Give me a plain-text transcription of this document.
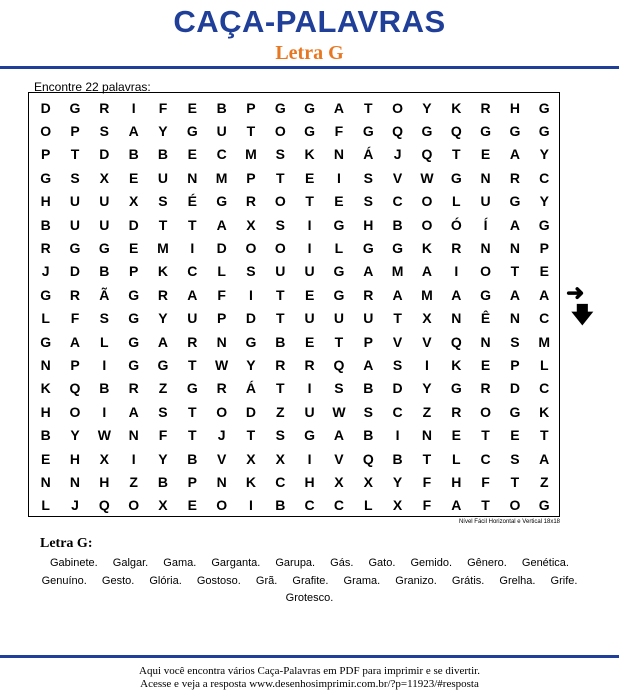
CAÇA-PALAVRAS
Letra G
Encontre 22 palavras:
D	G	R	I	F	E	B	P	G	G	A	T	O	Y	K	R	H	G
O	P	S	A	Y	G	U	T	O	G	F	G	Q	G	Q	G	G	G
P	T	D	B	B	E	C	M	S	K	N	Á	J	Q	T	E	A	Y
G	S	X	E	U	N	M	P	T	E	I	S	V	W	G	N	R	C
H	U	U	X	S	É	G	R	O	T	E	S	C	O	L	U	G	Y
B	U	U	D	T	T	A	X	S	I	G	H	B	O	Ó	Í	A	G
R	G	G	E	M	I	D	O	O	I	L	G	G	K	R	N	N	P
J	D	B	P	K	C	L	S	U	U	G	A	M	A	I	O	T	E
G	R	Ã	G	R	A	F	I	T	E	G	R	A	M	A	G	A	A
L	F	S	G	Y	U	P	D	T	U	U	U	T	X	N	Ê	N	C
G	A	L	G	A	R	N	G	B	E	T	P	V	V	Q	N	S	M
N	P	I	G	G	T	W	Y	R	R	Q	A	S	I	K	E	P	L
K	Q	B	R	Z	G	R	Á	T	I	S	B	D	Y	G	R	D	C
H	O	I	A	S	T	O	D	Z	U	W	S	C	Z	R	O	G	K
B	Y	W	N	F	T	J	T	S	G	A	B	I	N	E	T	E	T
E	H	X	I	Y	B	V	X	X	I	V	Q	B	T	L	C	S	A
N	N	H	Z	B	P	N	K	C	H	X	X	Y	F	H	F	T	Z
L	J	Q	O	X	E	O	I	B	C	C	L	X	F	A	T	O	G
➜
🡇
Nível Fácil Horizontal e Vertical 18x18
Letra G:
Gabinete. Galgar. Gama. Garganta. Garupa. Gás. Gato. Gemido. Gênero. Genética. Genuíno. Gesto. Glória. Gostoso. Grã. Grafite. Grama. Granizo. Grátis. Grelha. Grife. Grotesco.
Aqui você encontra vários Caça-Palavras em PDF para imprimir e se divertir.
Acesse e veja a resposta www.desenhosimprimir.com.br/?p=11923/#resposta
